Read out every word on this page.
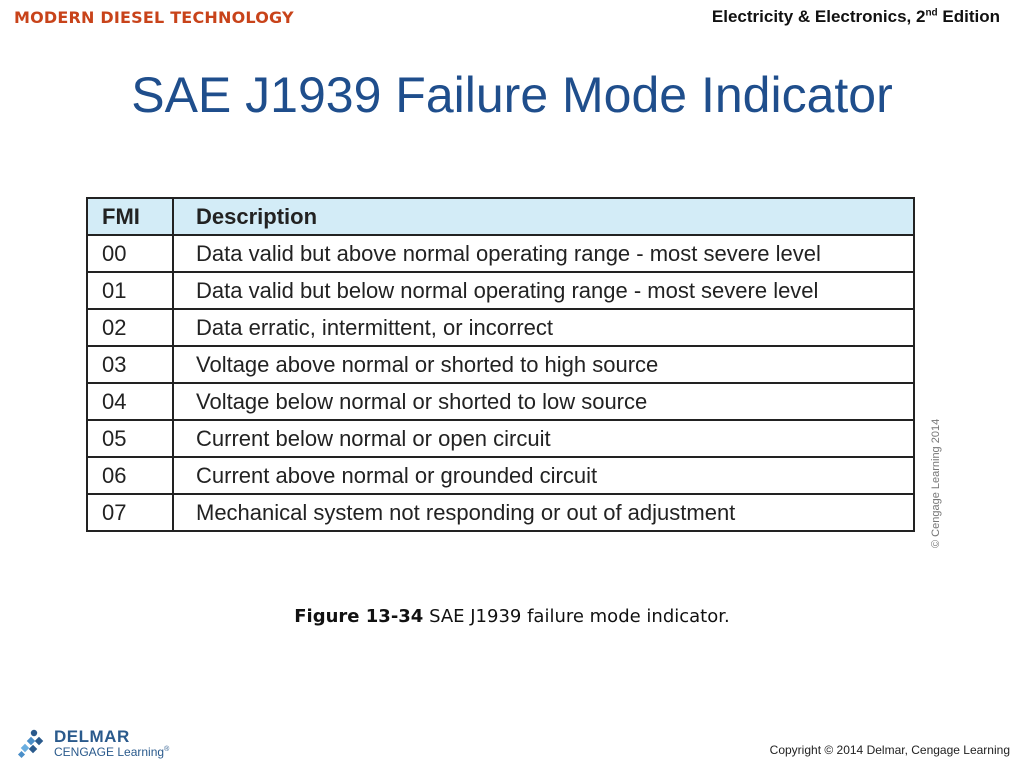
MODERN DIESEL TECHNOLOGY	Electricity & Electronics, 2nd Edition
SAE J1939 Failure Mode Indicator
FMI	Description
00	Data valid but above normal operating range - most severe level
01	Data valid but below normal operating range - most severe level
02	Data erratic, intermittent, or incorrect
03	Voltage above normal or shorted to high source
04	Voltage below normal or shorted to low source
05	Current below normal or open circuit
06	Current above normal or grounded circuit
07	Mechanical system not responding or out of adjustment	© Cengage Learning 2014
Figure 13-34 SAE J1939 failure mode indicator.
DELMAR
CENGAGE Learning®	Copyright © 2014 Delmar, Cengage Learning
